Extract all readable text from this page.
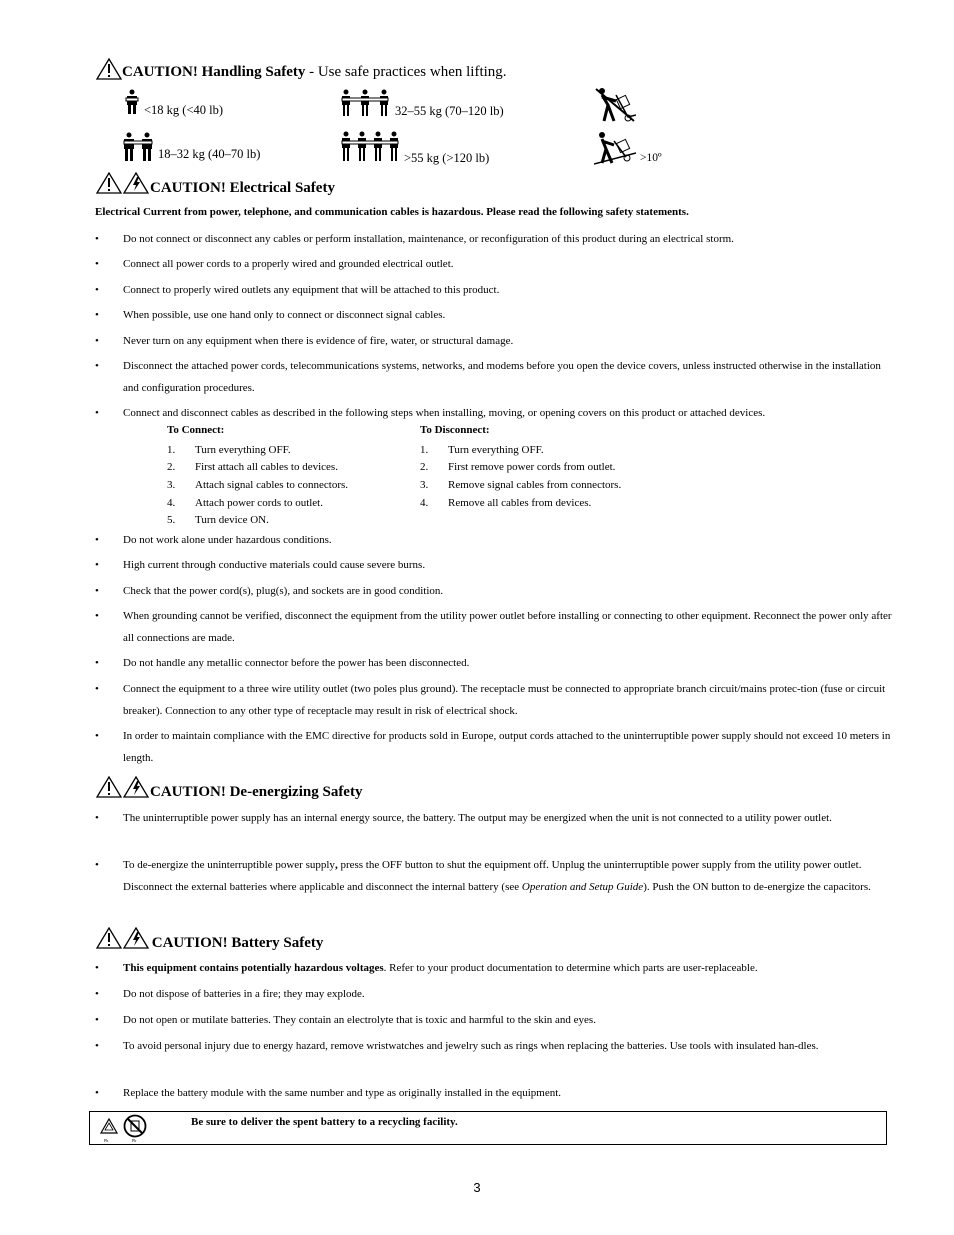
CAUTION! Handling Safety - Use safe practices when lifting.
<18 kg (<40 lb)
18–32 kg (40–70 lb)
32–55 kg (70–120 lb)
>55 kg (>120 lb)	>10º
CAUTION! Electrical Safety
Electrical Current from power, telephone, and communication cables is hazardous. Please read the following safety statements.
• Do not connect or disconnect any cables or perform installation, maintenance, or reconfiguration of this product during an electrical storm.
• Connect all power cords to a properly wired and grounded electrical outlet.
• Connect to properly wired outlets any equipment that will be attached to this product.
• When possible, use one hand only to connect or disconnect signal cables.
• Never turn on any equipment when there is evidence of fire, water, or structural damage.
• Disconnect the attached power cords, telecommunications systems, networks, and modems before you open the device covers, unless instructed otherwise in the installation and configuration procedures.
• Connect and disconnect cables as described in the following steps when installing, moving, or opening covers on this product or attached devices.
To Connect:
1. Turn everything OFF.
2. First attach all cables to devices.
3. Attach signal cables to connectors.
4. Attach power cords to outlet.
5. Turn device ON.
To Disconnect:
1. Turn everything OFF.
2. First remove power cords from outlet.
3. Remove signal cables from connectors.
4. Remove all cables from devices.
• Do not work alone under hazardous conditions.
• High current through conductive materials could cause severe burns.
• Check that the power cord(s), plug(s), and sockets are in good condition.
• When grounding cannot be verified, disconnect the equipment from the utility power outlet before installing or connecting to other equipment. Reconnect the power only after all connections are made.
• Do not handle any metallic connector before the power has been disconnected.
• Connect the equipment to a three wire utility outlet (two poles plus ground). The receptacle must be connected to appropriate branch circuit/mains protec-tion (fuse or circuit breaker). Connection to any other type of receptacle may result in risk of electrical shock.
• In order to maintain compliance with the EMC directive for products sold in Europe, output cords attached to the uninterruptible power supply should not exceed 10 meters in length.
CAUTION! De-energizing Safety
• The uninterruptible power supply has an internal energy source, the battery. The output may be energized when the unit is not connected to a utility power outlet.
• To de-energize the uninterruptible power supply, press the OFF button to shut the equipment off. Unplug the uninterruptible power supply from the utility power outlet. Disconnect the external batteries where applicable and disconnect the internal battery (see Operation and Setup Guide). Push the ON button to de-energize the capacitors.
CAUTION! Battery Safety
• This equipment contains potentially hazardous voltages. Refer to your product documentation to determine which parts are user-replaceable.
• Do not dispose of batteries in a fire; they may explode.
• Do not open or mutilate batteries. They contain an electrolyte that is toxic and harmful to the skin and eyes.
• To avoid personal injury due to energy hazard, remove wristwatches and jewelry such as rings when replacing the batteries. Use tools with insulated han-dles.
• Replace the battery module with the same number and type as originally installed in the equipment.
Pb	Pb
Be sure to deliver the spent battery to a recycling facility.
3
